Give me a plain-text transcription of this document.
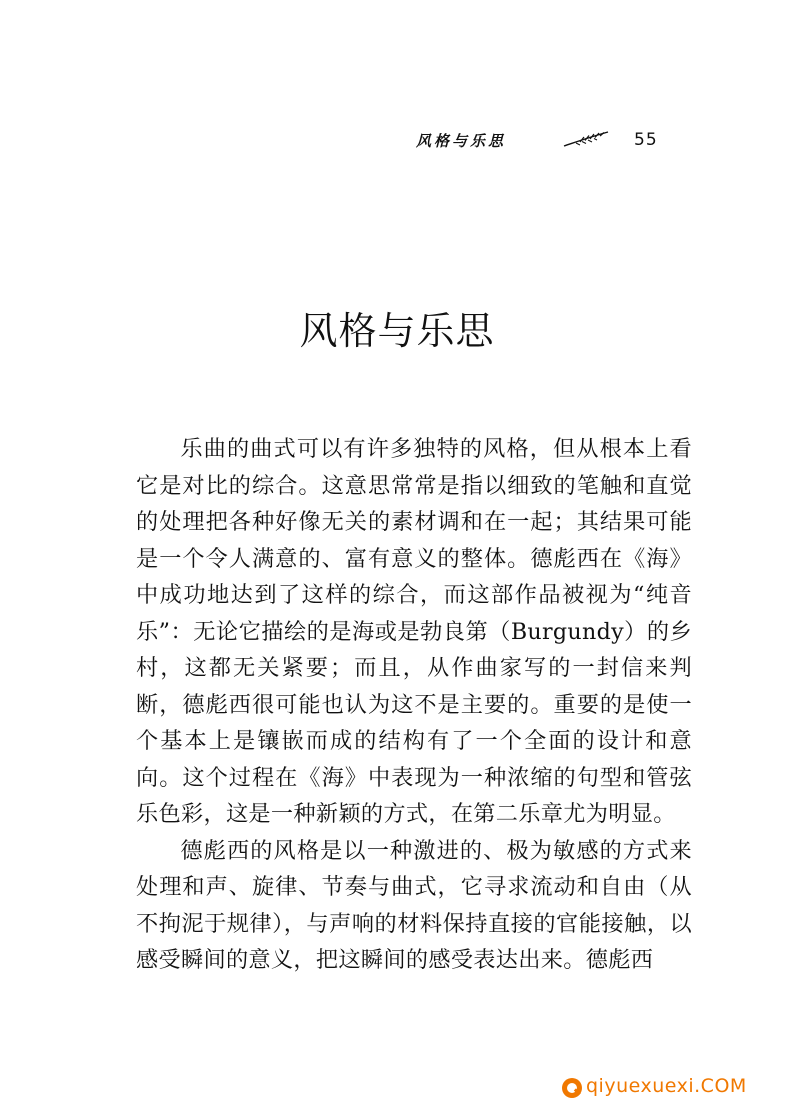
风格与乐思	55
风格与乐思

乐曲的曲式可以有许多独特的风格，但从根本上看它是对比的综合。这意思常常是指以细致的笔触和直觉的处理把各种好像无关的素材调和在一起；其结果可能是一个令人满意的、富有意义的整体。德彪西在《海》中成功地达到了这样的综合，而这部作品被视为“纯音乐”：无论它描绘的是海或是勃良第（Burgundy）的乡村，这都无关紧要；而且，从作曲家写的一封信来判断，德彪西很可能也认为这不是主要的。重要的是使一个基本上是镶嵌而成的结构有了一个全面的设计和意向。这个过程在《海》中表现为一种浓缩的句型和管弦乐色彩，这是一种新颖的方式，在第二乐章尤为明显。

德彪西的风格是以一种激进的、极为敏感的方式来处理和声、旋律、节奏与曲式，它寻求流动和自由（从不拘泥于规律），与声响的材料保持直接的官能接触，以感受瞬间的意义，把这瞬间的感受表达出来。德彪西

qiyuexuexi.COM
